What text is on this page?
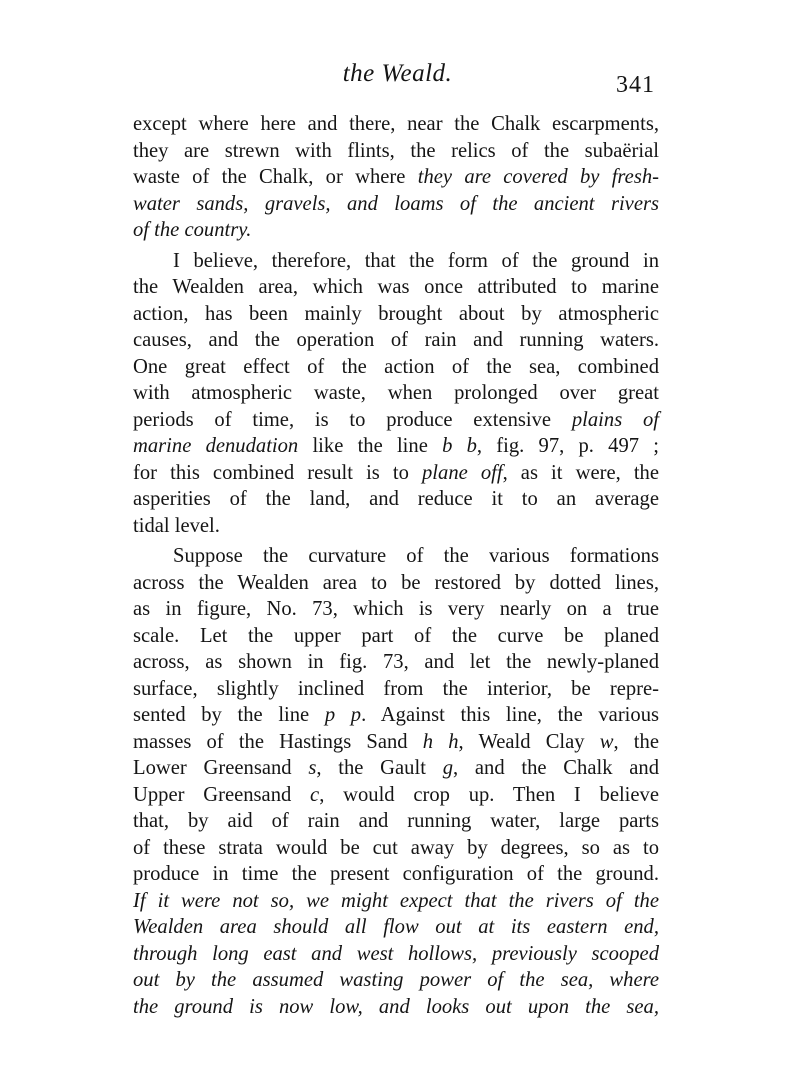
the Weald.	341

except where here and there, near the Chalk escarpments,
they are strewn with flints, the relics of the subaërial
waste of the Chalk, or where they are covered by fresh-
water sands, gravels, and loams of the ancient rivers
of the country.

I believe, therefore, that the form of the ground in
the Wealden area, which was once attributed to marine
action, has been mainly brought about by atmospheric
causes, and the operation of rain and running waters.
One great effect of the action of the sea, combined
with atmospheric waste, when prolonged over great
periods of time, is to produce extensive plains of
marine denudation like the line b b, fig. 97, p. 497 ;
for this combined result is to plane off, as it were, the
asperities of the land, and reduce it to an average
tidal level.

Suppose the curvature of the various formations
across the Wealden area to be restored by dotted lines,
as in figure, No. 73, which is very nearly on a true
scale. Let the upper part of the curve be planed
across, as shown in fig. 73, and let the newly-planed
surface, slightly inclined from the interior, be repre-
sented by the line p p. Against this line, the various
masses of the Hastings Sand h h, Weald Clay w, the
Lower Greensand s, the Gault g, and the Chalk and
Upper Greensand c, would crop up. Then I believe
that, by aid of rain and running water, large parts
of these strata would be cut away by degrees, so as to
produce in time the present configuration of the ground.
If it were not so, we might expect that the rivers of the
Wealden area should all flow out at its eastern end,
through long east and west hollows, previously scooped
out by the assumed wasting power of the sea, where
the ground is now low, and looks out upon the sea,
